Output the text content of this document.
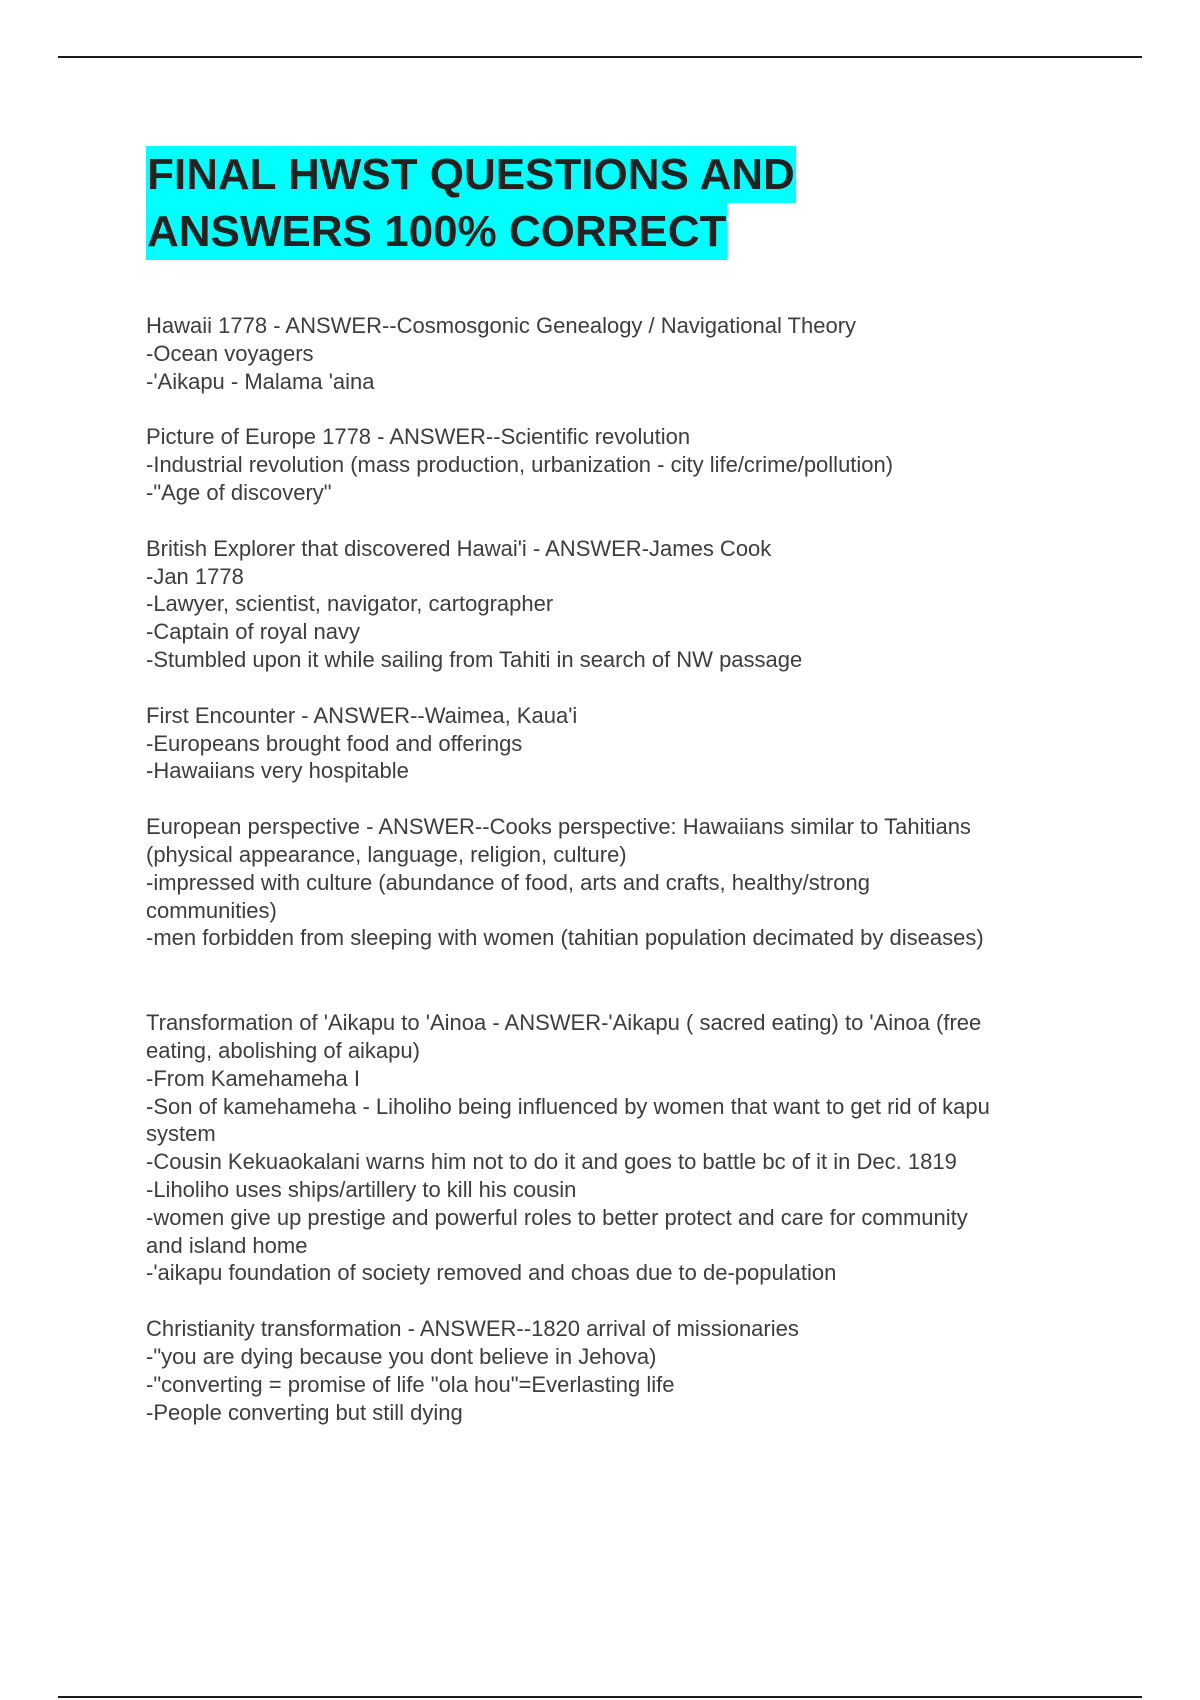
FINAL HWST QUESTIONS AND
ANSWERS 100% CORRECT
Hawaii 1778 - ANSWER--Cosmosgonic Genealogy / Navigational Theory
-Ocean voyagers
-'Aikapu - Malama 'aina
Picture of Europe 1778 - ANSWER--Scientific revolution
-Industrial revolution (mass production, urbanization - city life/crime/pollution)
-"Age of discovery"
British Explorer that discovered Hawai'i - ANSWER-James Cook
-Jan 1778
-Lawyer, scientist, navigator, cartographer
-Captain of royal navy
-Stumbled upon it while sailing from Tahiti in search of NW passage
First Encounter - ANSWER--Waimea, Kaua'i
-Europeans brought food and offerings
-Hawaiians very hospitable
European perspective - ANSWER--Cooks perspective: Hawaiians similar to Tahitians
(physical appearance, language, religion, culture)
-impressed with culture (abundance of food, arts and crafts, healthy/strong
communities)
-men forbidden from sleeping with women (tahitian population decimated by diseases)
Transformation of 'Aikapu to 'Ainoa - ANSWER-'Aikapu ( sacred eating) to 'Ainoa (free
eating, abolishing of aikapu)
-From Kamehameha I
-Son of kamehameha - Liholiho being influenced by women that want to get rid of kapu
system
-Cousin Kekuaokalani warns him not to do it and goes to battle bc of it in Dec. 1819
-Liholiho uses ships/artillery to kill his cousin
-women give up prestige and powerful roles to better protect and care for community
and island home
-'aikapu foundation of society removed and choas due to de-population
Christianity transformation - ANSWER--1820 arrival of missionaries
-"you are dying because you dont believe in Jehova)
-"converting = promise of life "ola hou"=Everlasting life
-People converting but still dying
